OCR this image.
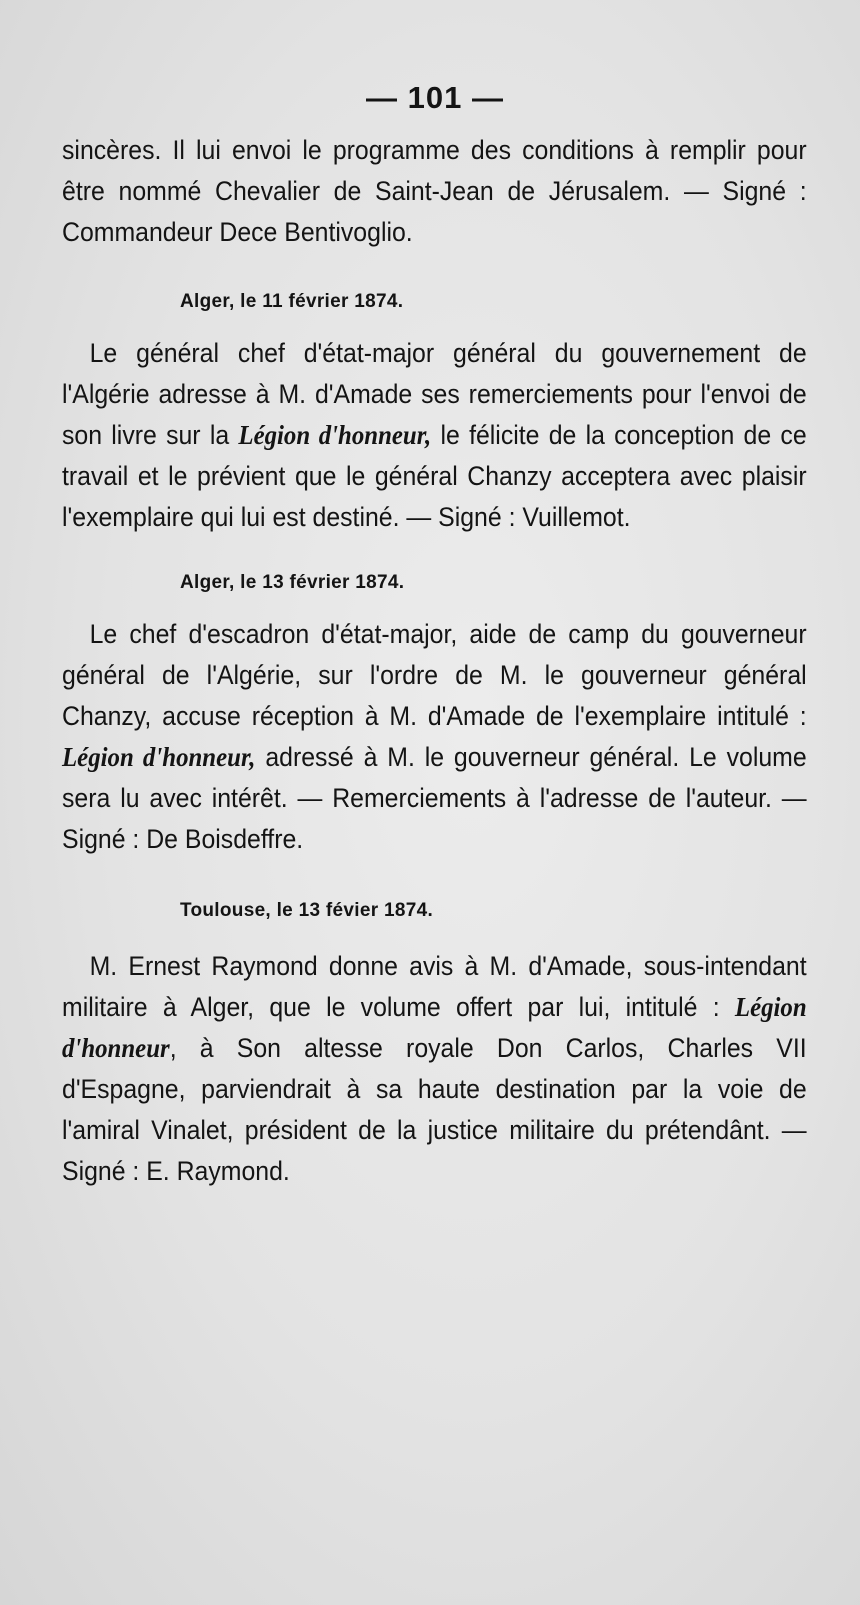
— 101 —

sincères. Il lui envoi le programme des conditions à remplir pour être nommé Chevalier de Saint-Jean de Jérusalem. — Signé : Commandeur Dece Bentivoglio.

Alger, le 11 février 1874.

Le général chef d'état-major général du gouvernement de l'Algérie adresse à M. d'Amade ses remerciements pour l'envoi de son livre sur la Légion d'honneur, le félicite de la conception de ce travail et le prévient que le général Chanzy acceptera avec plaisir l'exemplaire qui lui est destiné. — Signé : Vuillemot.

Alger, le 13 février 1874.

Le chef d'escadron d'état-major, aide de camp du gouverneur général de l'Algérie, sur l'ordre de M. le gouverneur général Chanzy, accuse réception à M. d'Amade de l'exemplaire intitulé : Légion d'honneur, adressé à M. le gouverneur général. Le volume sera lu avec intérêt. — Remerciements à l'adresse de l'auteur. — Signé : De Boisdeffre.

Toulouse, le 13 févier 1874.

M. Ernest Raymond donne avis à M. d'Amade, sous-intendant militaire à Alger, que le volume offert par lui, intitulé : Légion d'honneur, à Son altesse royale Don Carlos, Charles VII d'Espagne, parviendrait à sa haute destination par la voie de l'amiral Vinalet, président de la justice militaire du prétendânt. — Signé : E. Raymond.
